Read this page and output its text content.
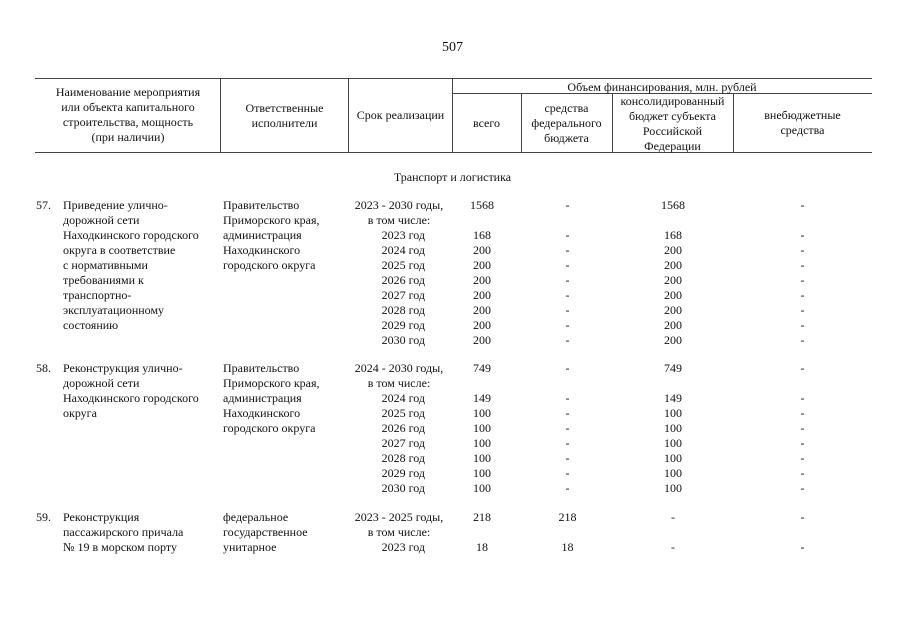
507
Наименование мероприятия
или объекта капитального
строительства, мощность
(при наличии)
Ответственные
исполнители
Срок реализации
Объем финансирования, млн. рублей
всего
средства
федерального
бюджета
консолидированный
бюджет субъекта
Российской
Федерации
внебюджетные
средства
Транспорт и логистика
57. Приведение улично-
дорожной сети
Находкинского городского
округа в соответствие
с нормативными
требованиями к
транспортно-
эксплуатационному
состоянию
Правительство
Приморского края,
администрация
Находкинского
городского округа
2023 - 2030 годы,
в том числе:
2023 год
2024 год
2025 год
2026 год
2027 год
2028 год
2029 год
2030 год
1568
168
200
200
200
200
200
200
200
-
-
-
-
-
-
-
-
-
1568
168
200
200
200
200
200
200
200
-
-
-
-
-
-
-
-
-
58. Реконструкция улично-
дорожной сети
Находкинского городского
округа
Правительство
Приморского края,
администрация
Находкинского
городского округа
2024 - 2030 годы,
в том числе:
2024 год
2025 год
2026 год
2027 год
2028 год
2029 год
2030 год
749
149
100
100
100
100
100
100
-
-
-
-
-
-
-
-
749
149
100
100
100
100
100
100
-
-
-
-
-
-
-
-
59. Реконструкция
пассажирского причала
№ 19 в морском порту
федеральное
государственное
унитарное
2023 - 2025 годы,
в том числе:
2023 год
218
18
218
18
-
-
-
-
